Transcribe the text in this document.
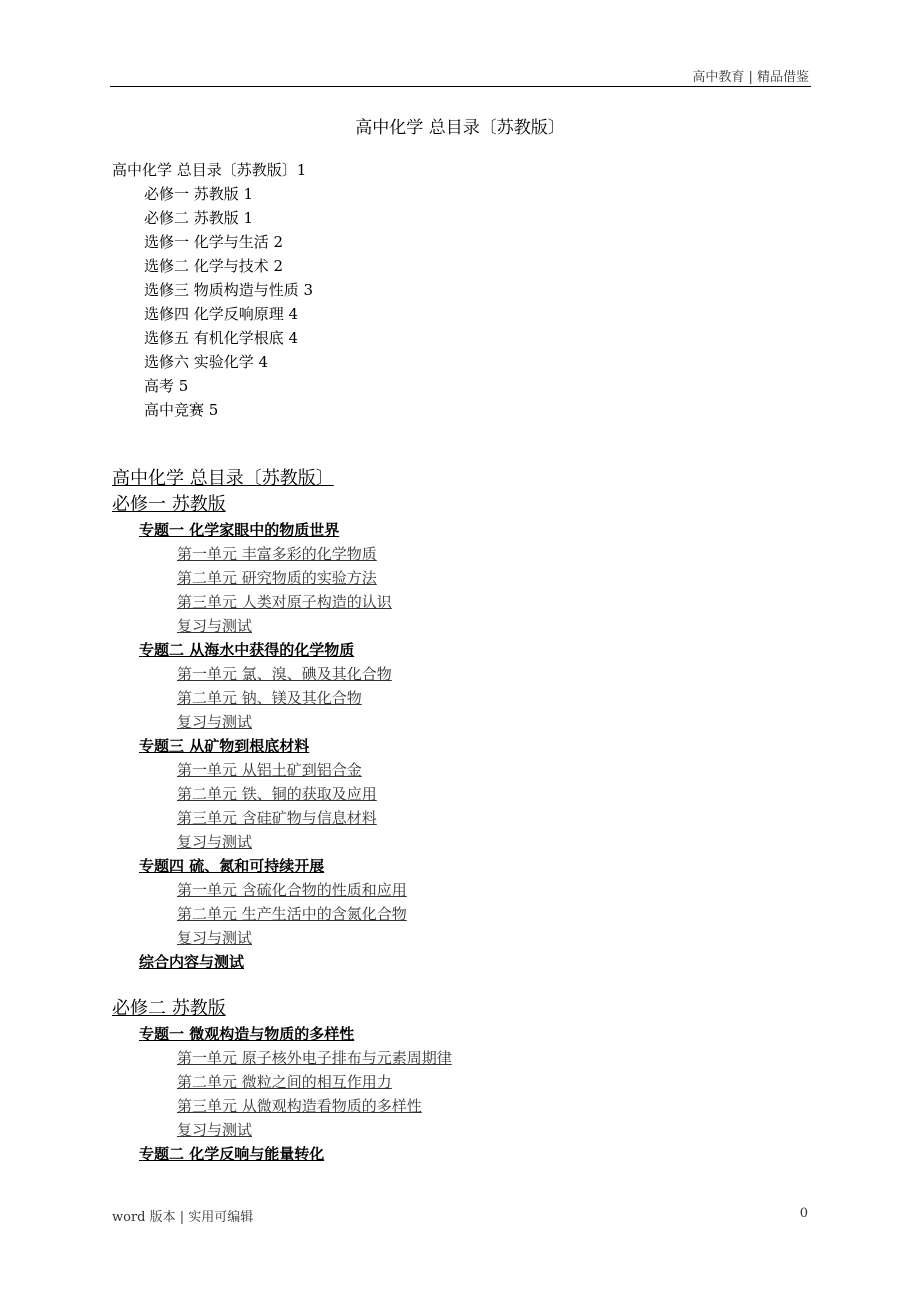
高中教育 | 精品借鉴
高中化学 总目录〔苏教版〕
高中化学 总目录〔苏教版〕1
必修一 苏教版 1
必修二 苏教版 1
选修一 化学与生活 2
选修二 化学与技术 2
选修三 物质构造与性质 3
选修四 化学反响原理 4
选修五 有机化学根底 4
选修六 实验化学 4
高考 5
高中竞赛 5
高中化学 总目录〔苏教版〕
必修一 苏教版
专题一 化学家眼中的物质世界
第一单元 丰富多彩的化学物质
第二单元 研究物质的实验方法
第三单元 人类对原子构造的认识
复习与测试
专题二 从海水中获得的化学物质
第一单元 氯、溴、碘及其化合物
第二单元 钠、镁及其化合物
复习与测试
专题三 从矿物到根底材料
第一单元 从铝土矿到铝合金
第二单元 铁、铜的获取及应用
第三单元 含硅矿物与信息材料
复习与测试
专题四 硫、氮和可持续开展
第一单元 含硫化合物的性质和应用
第二单元 生产生活中的含氮化合物
复习与测试
综合内容与测试
必修二 苏教版
专题一 微观构造与物质的多样性
第一单元 原子核外电子排布与元素周期律
第二单元 微粒之间的相互作用力
第三单元 从微观构造看物质的多样性
复习与测试
专题二 化学反响与能量转化
word 版本 | 实用可编辑	0
